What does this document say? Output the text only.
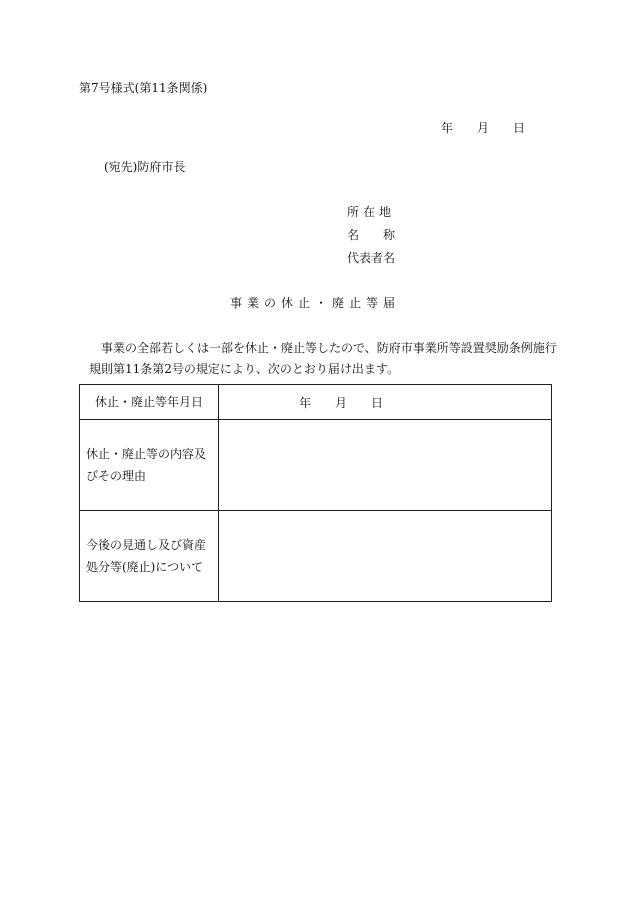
第7号様式(第11条関係)
年　　月　　日
(宛先)防府市長
所在地
名　　称
代表者名
事業の休止・廃止等届
事業の全部若しくは一部を休止・廃止等したので、防府市事業所等設置奨励条例施行
規則第11条第2号の規定により、次のとおり届け出ます。
休止・廃止等年月日	年　　月　　日
休止・廃止等の内容及びその理由	
今後の見通し及び資産処分等(廃止)について	
